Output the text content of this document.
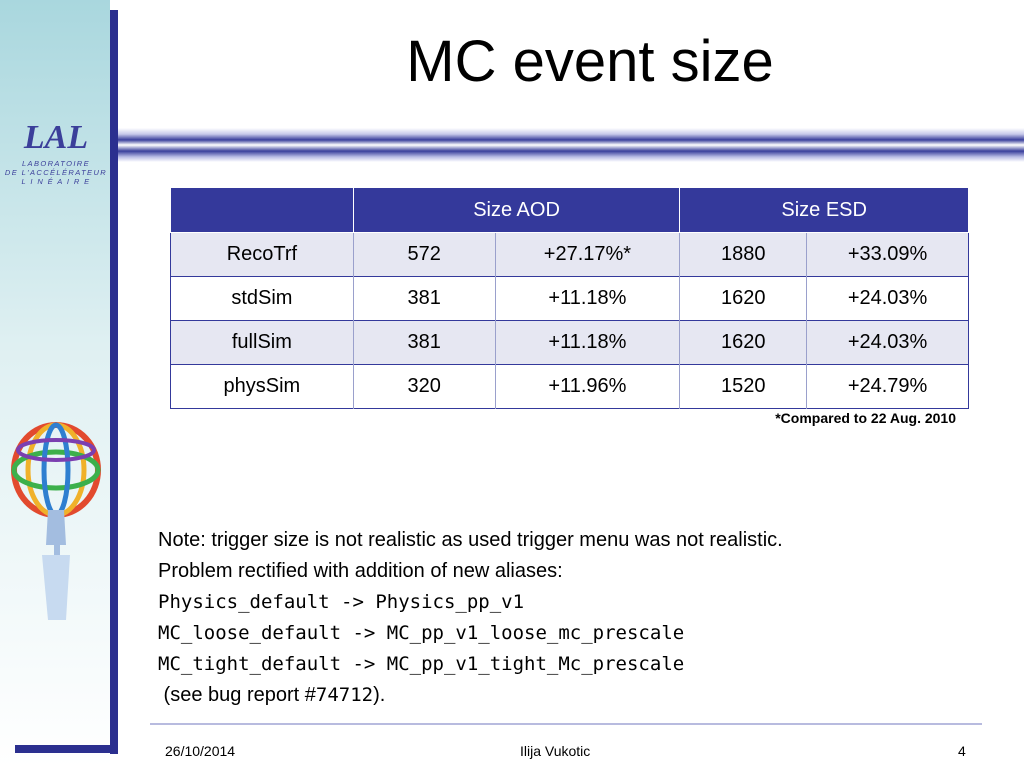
LAL
LABORATOIRE
DE L'ACCÉLÉRATEUR
L I N É A I R E
MC event size
	Size AOD		Size ESD	
RecoTrf	572	+27.17%*	1880	+33.09%
stdSim	381	+11.18%	1620	+24.03%
fullSim	381	+11.18%	1620	+24.03%
physSim	320	+11.96%	1520	+24.79%
*Compared to 22 Aug. 2010
Note: trigger size is not realistic as used trigger menu was not realistic.
Problem rectified with addition of new aliases:
Physics_default -> Physics_pp_v1
MC_loose_default -> MC_pp_v1_loose_mc_prescale
MC_tight_default -> MC_pp_v1_tight_Mc_prescale
(see bug report #74712).
26/10/2014	Ilija Vukotic	4
